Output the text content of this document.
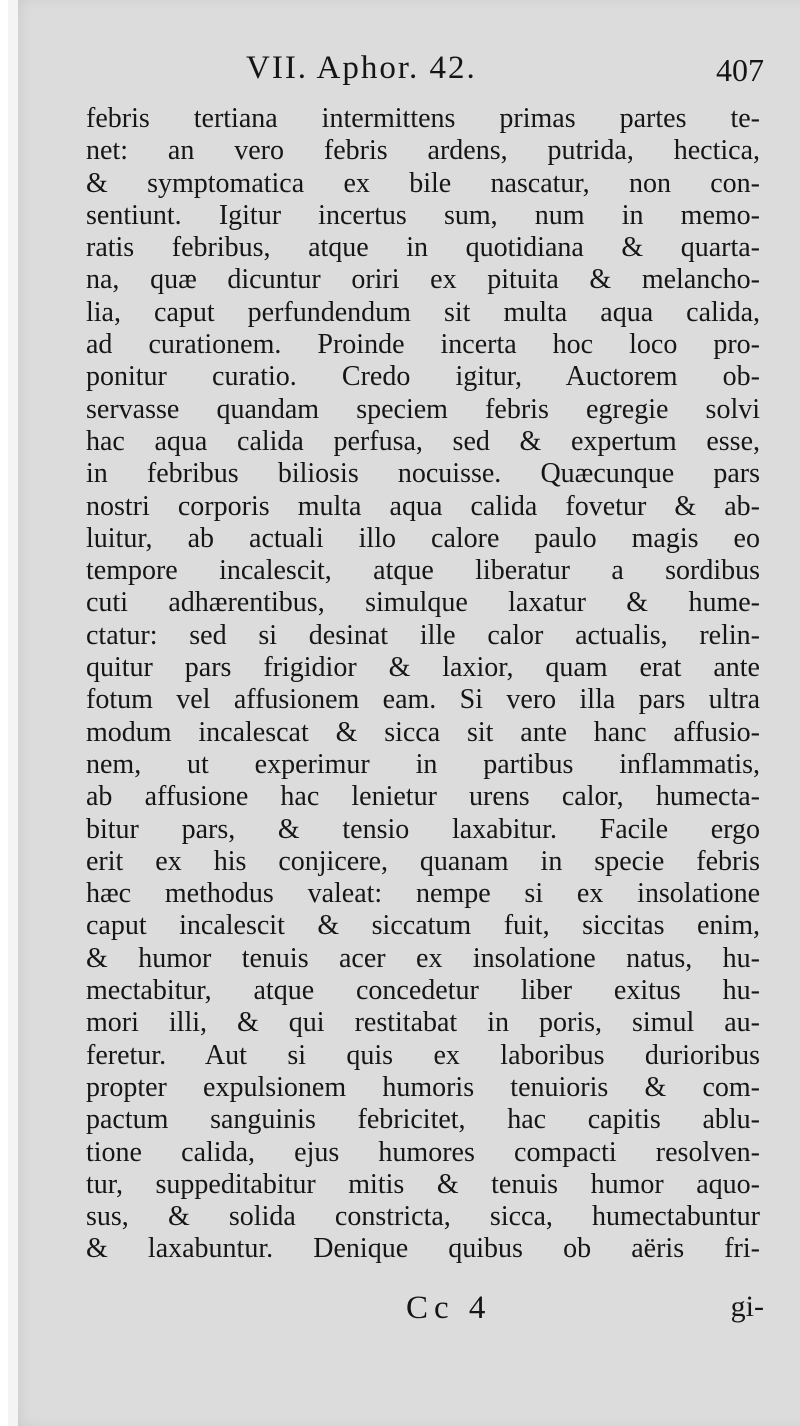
VII. Aphor. 42.	407
febris tertiana intermittens primas partes te-
net: an vero febris ardens, putrida, hectica,
& symptomatica ex bile nascatur, non con-
sentiunt. Igitur incertus sum, num in memo-
ratis febribus, atque in quotidiana & quarta-
na, quæ dicuntur oriri ex pituita & melancho-
lia, caput perfundendum sit multa aqua calida,
ad curationem. Proinde incerta hoc loco pro-
ponitur curatio. Credo igitur, Auctorem ob-
servasse quandam speciem febris egregie solvi
hac aqua calida perfusa, sed & expertum esse,
in febribus biliosis nocuisse. Quæcunque pars
nostri corporis multa aqua calida fovetur & ab-
luitur, ab actuali illo calore paulo magis eo
tempore incalescit, atque liberatur a sordibus
cuti adhærentibus, simulque laxatur & hume-
ctatur: sed si desinat ille calor actualis, relin-
quitur pars frigidior & laxior, quam erat ante
fotum vel affusionem eam. Si vero illa pars ultra
modum incalescat & sicca sit ante hanc affusio-
nem, ut experimur in partibus inflammatis,
ab affusione hac lenietur urens calor, humecta-
bitur pars, & tensio laxabitur. Facile ergo
erit ex his conjicere, quanam in specie febris
hæc methodus valeat: nempe si ex insolatione
caput incalescit & siccatum fuit, siccitas enim,
& humor tenuis acer ex insolatione natus, hu-
mectabitur, atque concedetur liber exitus hu-
mori illi, & qui restitabat in poris, simul au-
feretur. Aut si quis ex laboribus durioribus
propter expulsionem humoris tenuioris & com-
pactum sanguinis febricitet, hac capitis ablu-
tione calida, ejus humores compacti resolven-
tur, suppeditabitur mitis & tenuis humor aquo-
sus, & solida constricta, sicca, humectabuntur
& laxabuntur. Denique quibus ob aëris fri-
Cc 4	gi-
